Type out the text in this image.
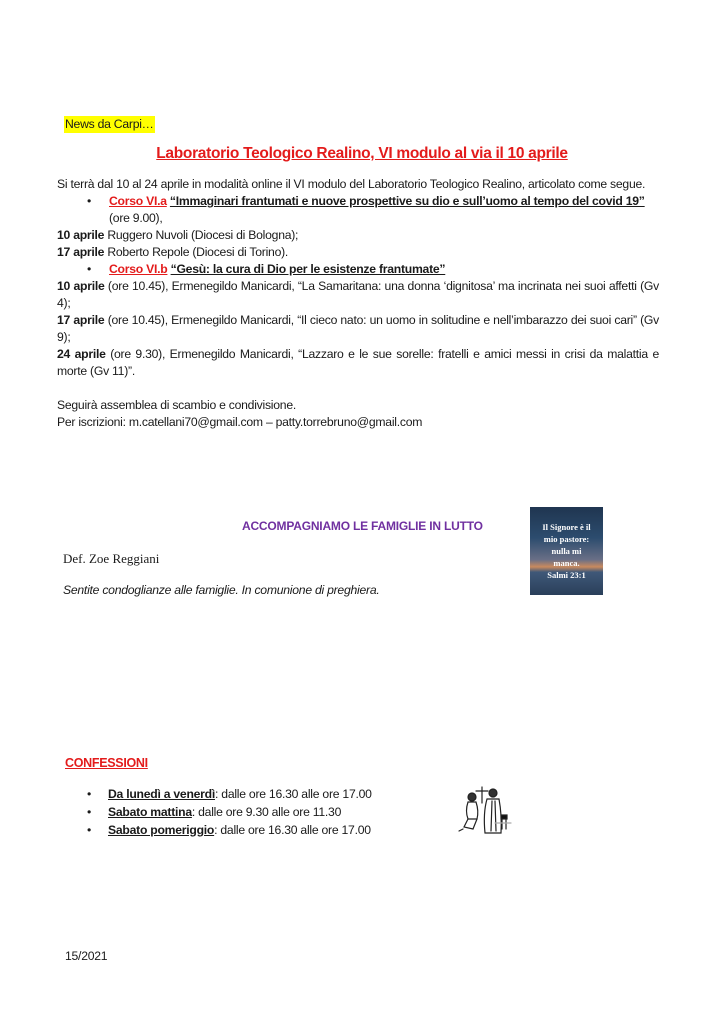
News da Carpi…
Laboratorio Teologico Realino, VI modulo al via il 10 aprile

Si terrà dal 10 al 24 aprile in modalità online il VI modulo del Laboratorio Teologico Realino, articolato come segue.

• Corso VI.a “Immaginari frantumati e nuove prospettive su dio e sull’uomo al tempo del covid 19”
(ore 9.00),

10 aprile Ruggero Nuvoli (Diocesi di Bologna);

17 aprile Roberto Repole (Diocesi di Torino).

• Corso VI.b “Gesù: la cura di Dio per le esistenze frantumate”

10 aprile (ore 10.45), Ermenegildo Manicardi, “La Samaritana: una donna ‘dignitosa’ ma incrinata nei suoi affetti (Gv 4);

17 aprile (ore 10.45), Ermenegildo Manicardi, “Il cieco nato: un uomo in solitudine e nell’imbarazzo dei suoi cari” (Gv 9);

24 aprile (ore 9.30), Ermenegildo Manicardi, “Lazzaro e le sue sorelle: fratelli e amici messi in crisi da malattia e morte (Gv 11)”.

Seguirà assemblea di scambio e condivisione.

Per iscrizioni: m.catellani70@gmail.com – patty.torrebruno@gmail.com

ACCOMPAGNIAMO LE FAMIGLIE IN LUTTO
Def. Zoe Reggiani
Sentite condoglianze alle famiglie. In comunione di preghiera.
Il Signore è il
mio pastore:
nulla mi
manca.
Salmi 23:1
CONFESSIONI
• Da lunedì a venerdì: dalle ore 16.30 alle ore 17.00
• Sabato mattina: dalle ore 9.30 alle ore 11.30
• Sabato pomeriggio: dalle ore 16.30 alle ore 17.00
15/2021
